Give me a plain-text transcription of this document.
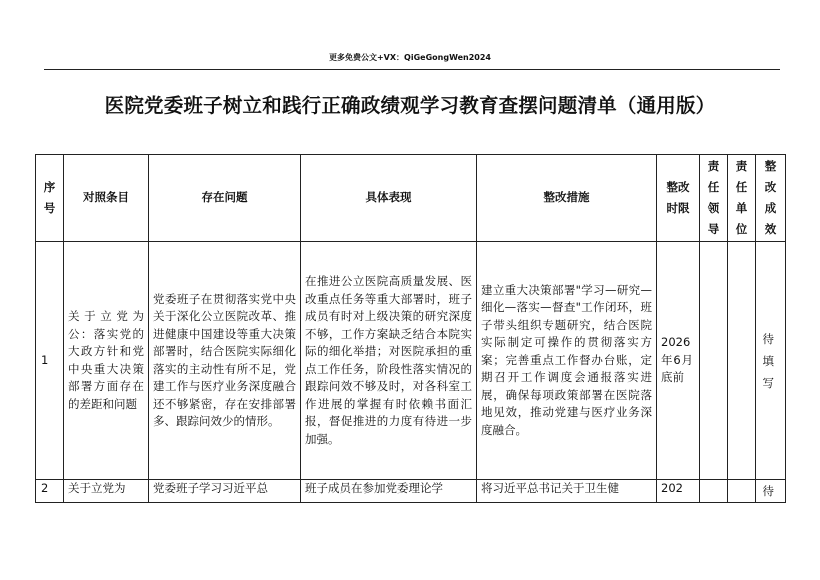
更多免费公文+VX：QiGeGongWen2024
医院党委班子树立和践行正确政绩观学习教育查摆问题清单（通用版）
序号	对照条目	存在问题	具体表现	整改措施	整改时限	责任领导	责任单位	整改成效
1	关于立党为公：落实党的大政方针和党中央重大决策部署方面存在的差距和问题	党委班子在贯彻落实党中央关于深化公立医院改革、推进健康中国建设等重大决策部署时，结合医院实际细化落实的主动性有所不足，党建工作与医疗业务深度融合还不够紧密，存在安排部署多、跟踪问效少的情形。	在推进公立医院高质量发展、医改重点任务等重大部署时，班子成员有时对上级决策的研究深度不够，工作方案缺乏结合本院实际的细化举措；对医院承担的重点工作任务，阶段性落实情况的跟踪问效不够及时，对各科室工作进展的掌握有时依赖书面汇报，督促推进的力度有待进一步加强。	建立重大决策部署"学习—研究—细化—落实—督查"工作闭环，班子带头组织专题研究，结合医院实际制定可操作的贯彻落实方案；完善重点工作督办台账，定期召开工作调度会通报落实进展，确保每项政策部署在医院落地见效，推动党建与医疗业务深度融合。	2026年6月底前			待填写

2	关于立党为	党委班子学习习近平总	班子成员在参加党委理论学	将习近平总书记关于卫生健	202			待
